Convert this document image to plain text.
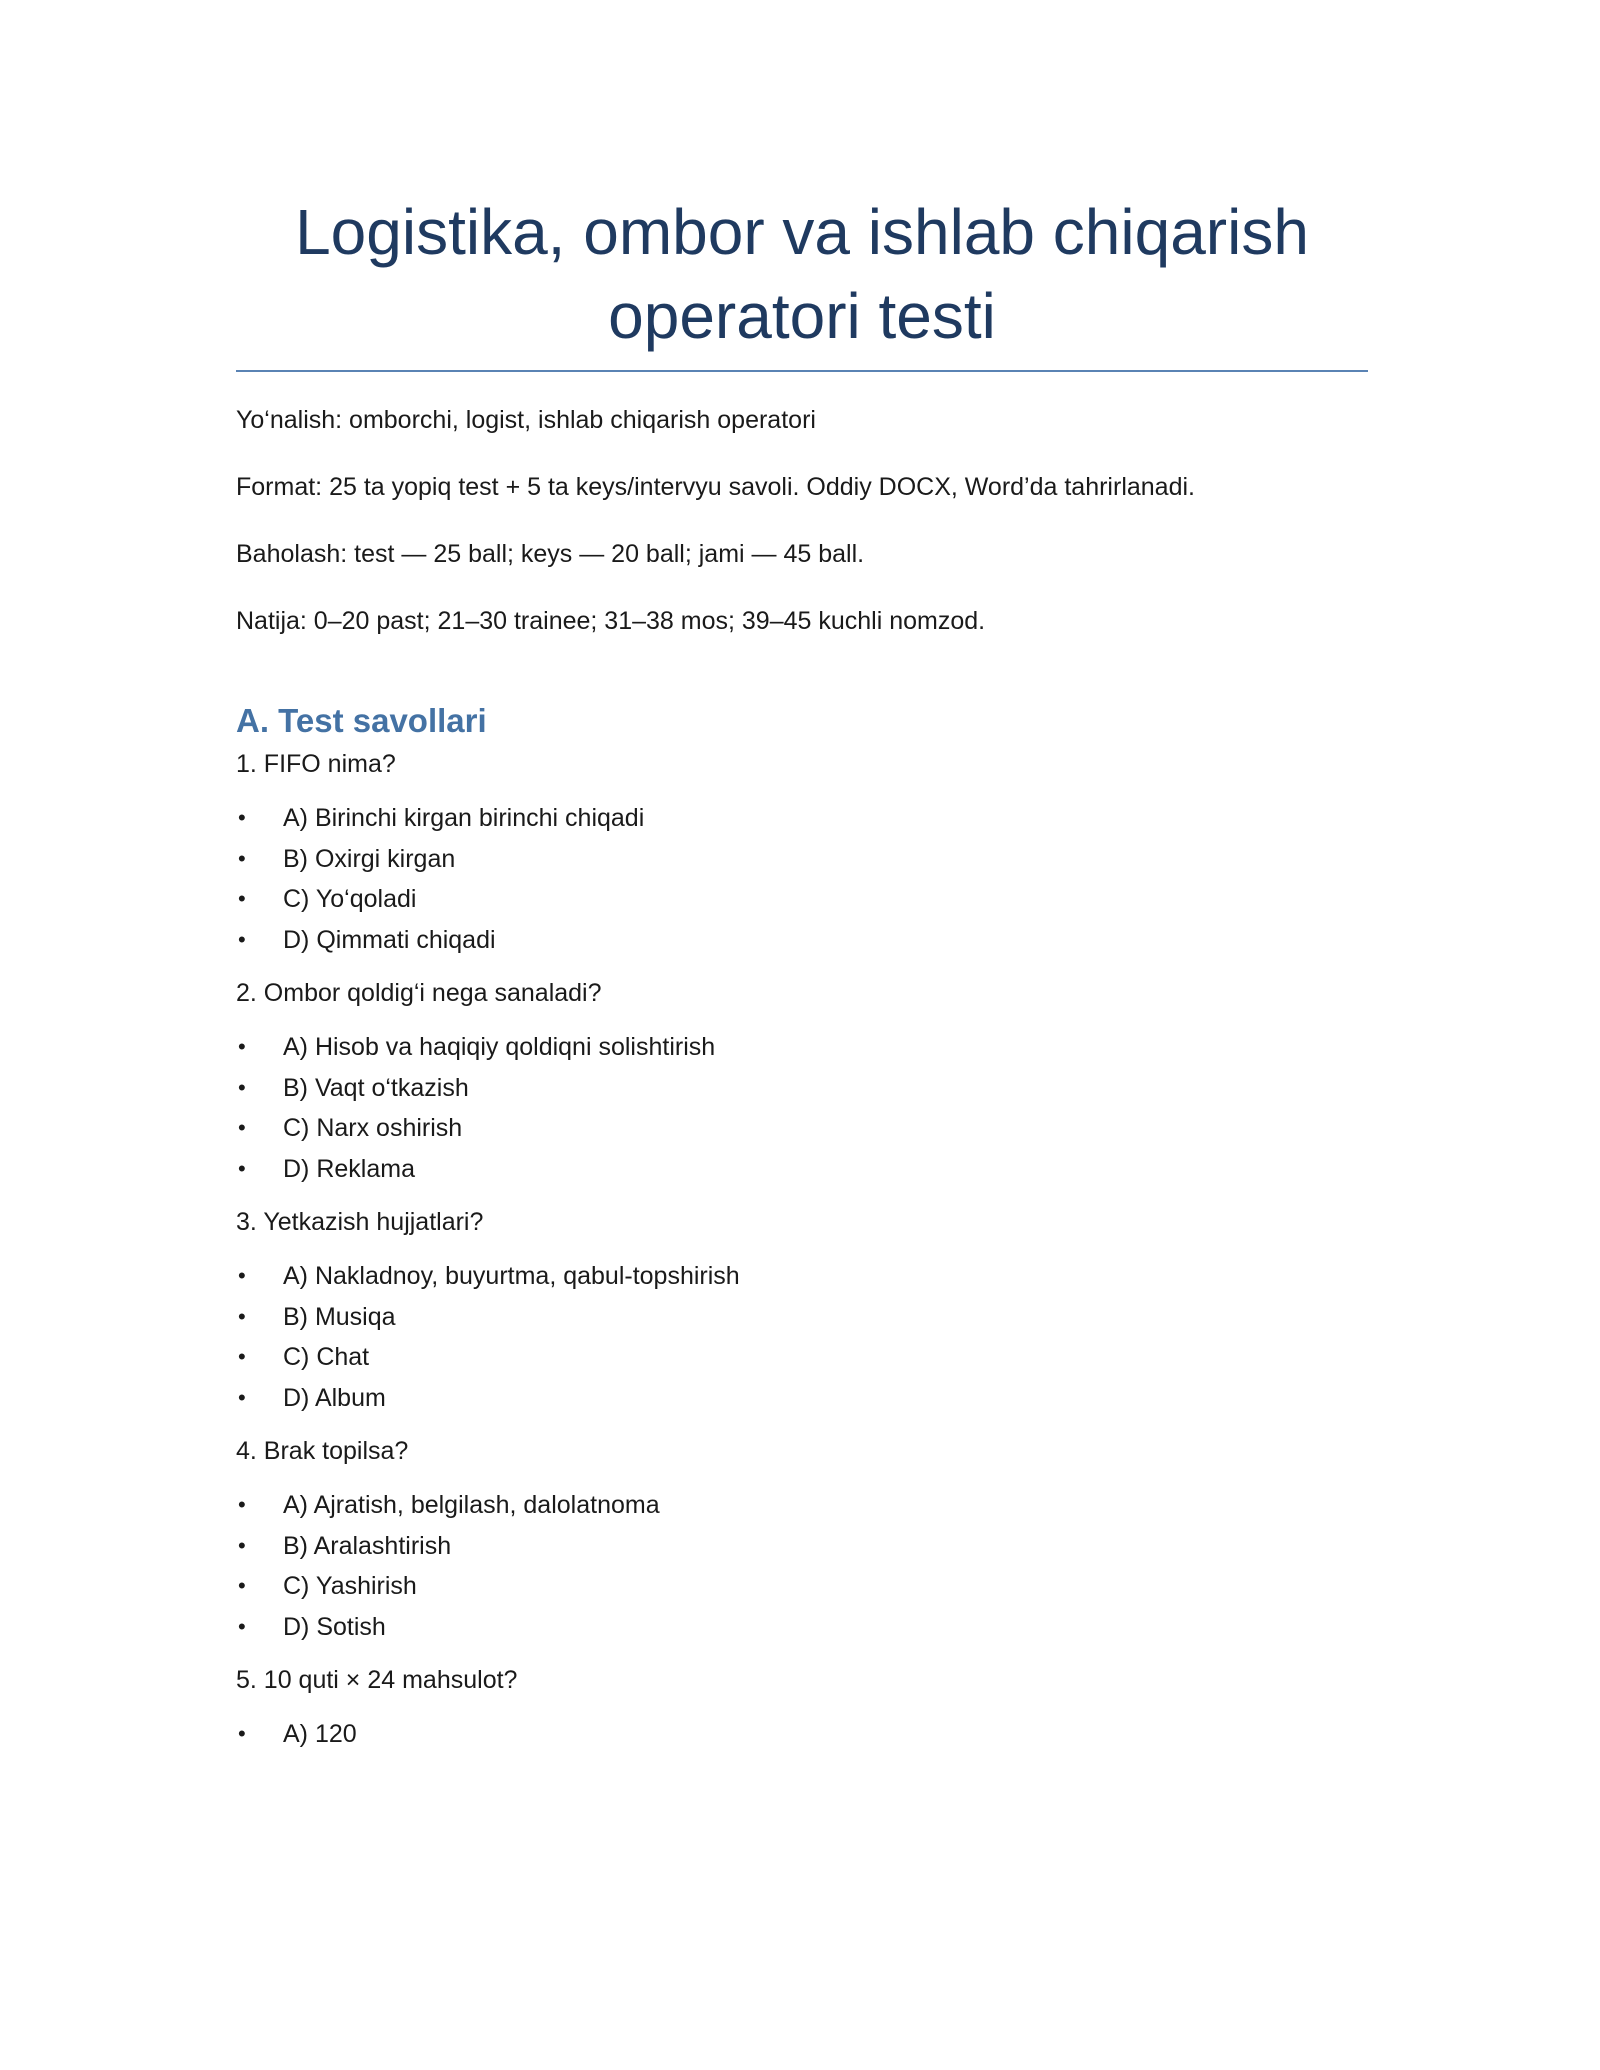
Logistika, ombor va ishlab chiqarish operatori testi

Yo‘nalish: omborchi, logist, ishlab chiqarish operatori

Format: 25 ta yopiq test + 5 ta keys/intervyu savoli. Oddiy DOCX, Word’da tahrirlanadi.

Baholash: test — 25 ball; keys — 20 ball; jami — 45 ball.

Natija: 0–20 past; 21–30 trainee; 31–38 mos; 39–45 kuchli nomzod.

A. Test savollari

1. FIFO nima?

• A) Birinchi kirgan birinchi chiqadi
• B) Oxirgi kirgan
• C) Yo‘qoladi
• D) Qimmati chiqadi

2. Ombor qoldig‘i nega sanaladi?

• A) Hisob va haqiqiy qoldiqni solishtirish
• B) Vaqt o‘tkazish
• C) Narx oshirish
• D) Reklama

3. Yetkazish hujjatlari?

• A) Nakladnoy, buyurtma, qabul-topshirish
• B) Musiqa
• C) Chat
• D) Album

4. Brak topilsa?

• A) Ajratish, belgilash, dalolatnoma
• B) Aralashtirish
• C) Yashirish
• D) Sotish

5. 10 quti × 24 mahsulot?

• A) 120
